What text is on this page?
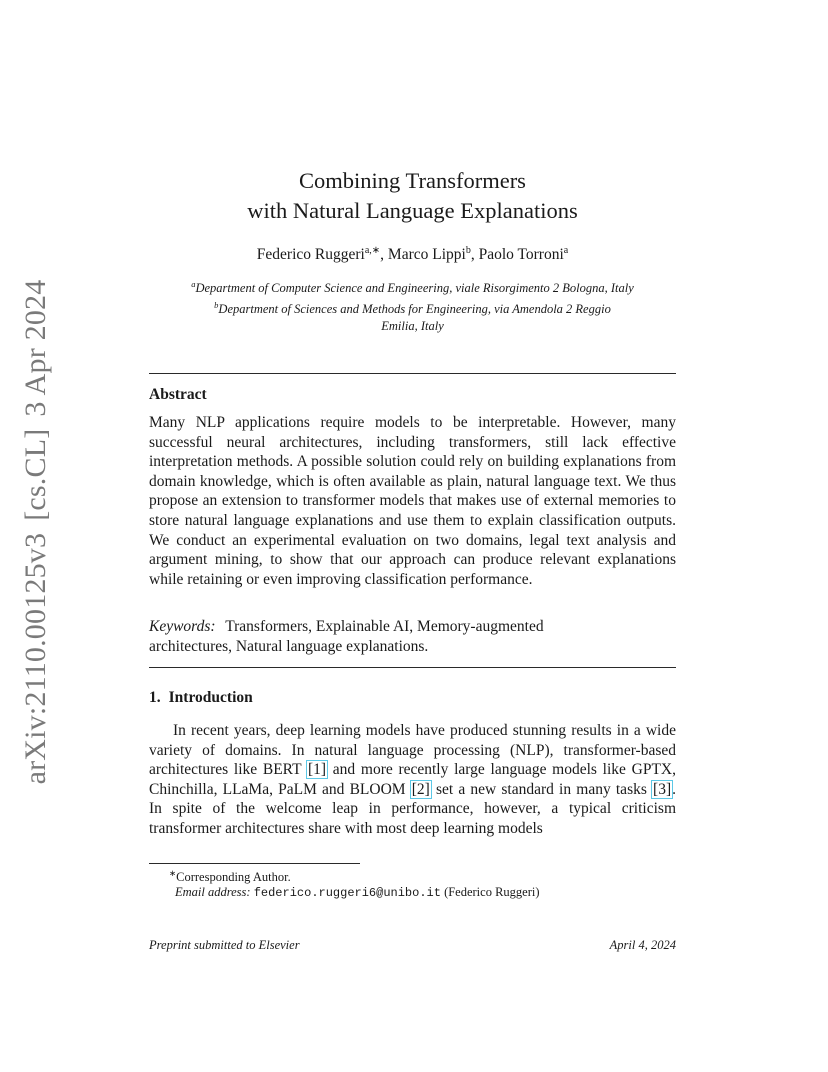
arXiv:2110.00125v3[cs.CL]3 Apr 2024
Combining Transformers
with Natural Language Explanations
Federico Ruggeri$^{a,∗}$, Marco Lippi$^b$, Paolo Torroni$^a$
$^a$Department of Computer Science and Engineering, viale Risorgimento 2 Bologna, Italy
$^b$Department of Sciences and Methods for Engineering, via Amendola 2 Reggio
Emilia, Italy
Abstract
Many NLP applications require models to be interpretable. However, many successful neural architectures, including transformers, still lack effective interpretation methods. A possible solution could rely on building explanations from domain knowledge, which is often available as plain, natural language text. We thus propose an extension to transformer models that makes use of external memories to store natural language explanations and use them to explain classification outputs. We conduct an experimental evaluation on two domains, legal text analysis and argument mining, to show that our approach can produce relevant explanations while retaining or even improving classification performance.
Keywords: Transformers, Explainable AI, Memory-augmented
architectures, Natural language explanations.
1. Introduction
In recent years, deep learning models have produced stunning results in a wide variety of domains. In natural language processing (NLP), transformer-based architectures like BERT [1] and more recently large language models like GPTX, Chinchilla, LLaMa, PaLM and BLOOM [2] set a new standard in many tasks [3]. In spite of the welcome leap in performance, however, a typical criticism transformer architectures share with most deep learning models
∗Corresponding Author.
Email address: federico.ruggeri6@unibo.it (Federico Ruggeri)
Preprint submitted to Elsevier	April 4, 2024
